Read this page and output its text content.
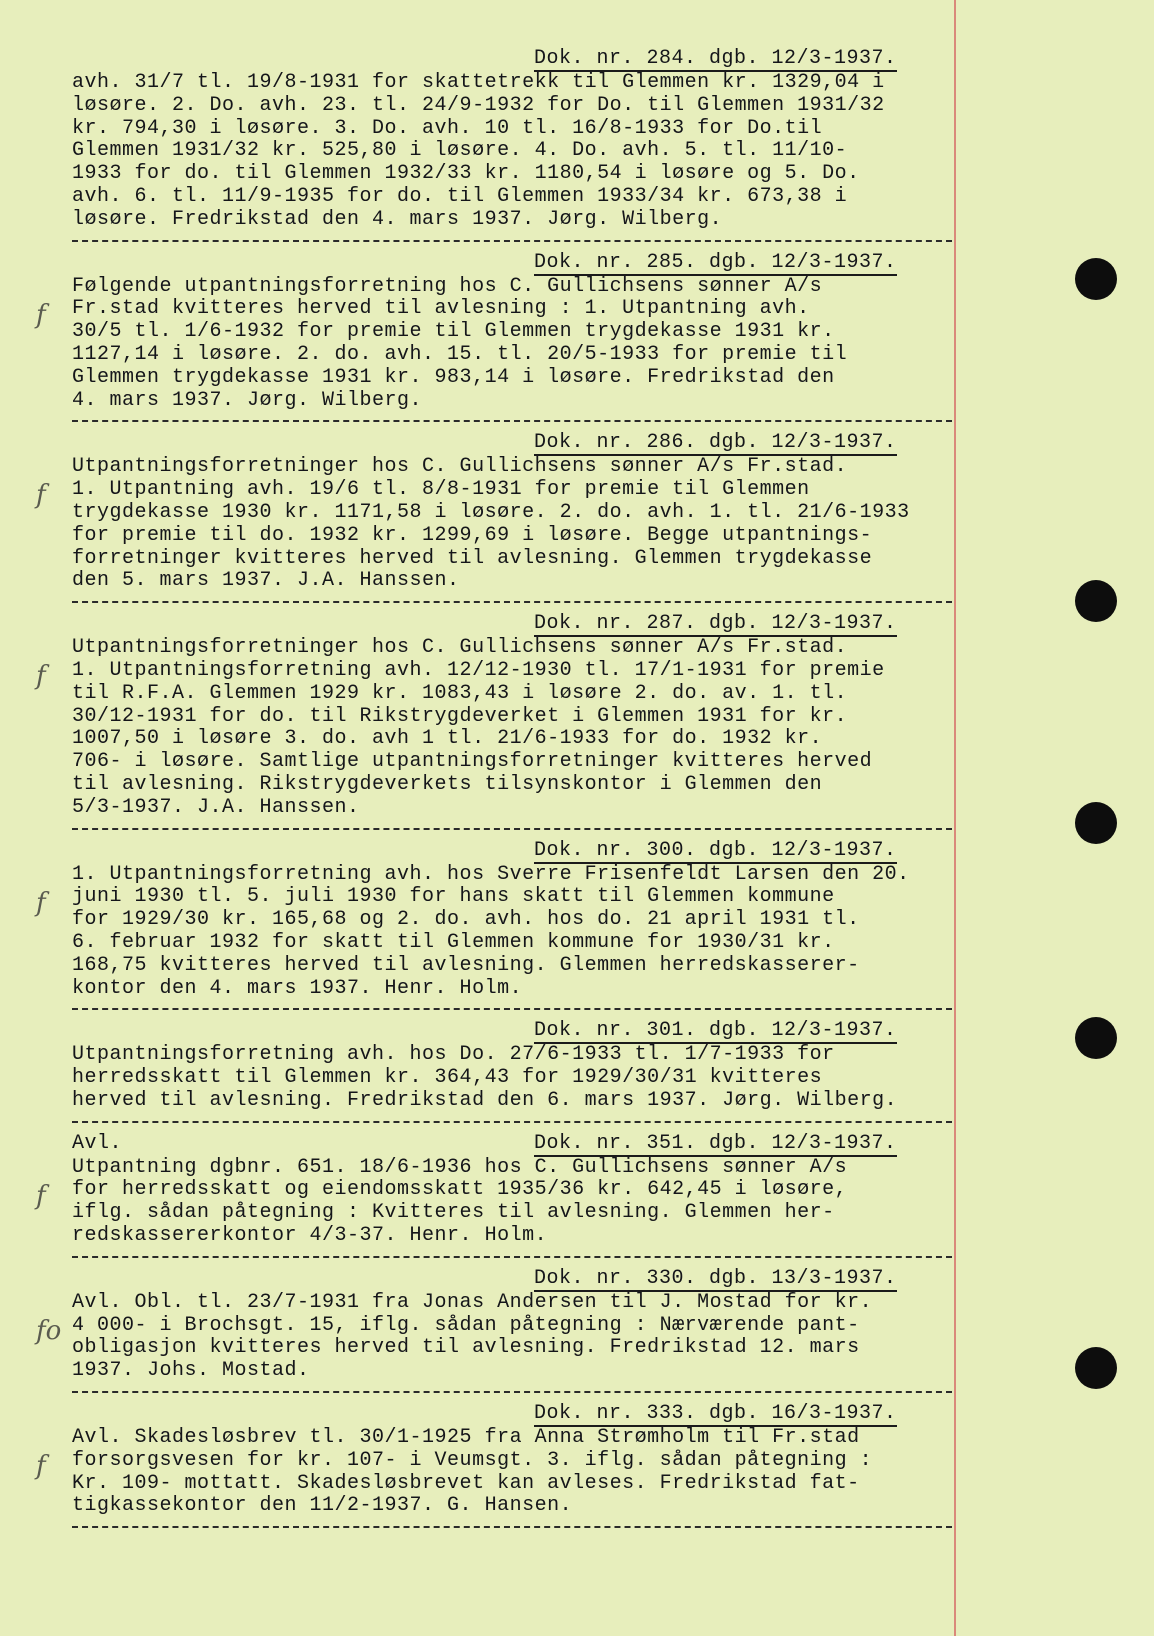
Dok. nr. 284. dgb. 12/3-1937.
avh. 31/7 tl. 19/8-1931 for skattetrekk til Glemmen kr. 1329,04 i
løsøre. 2. Do. avh. 23. tl. 24/9-1932 for Do. til Glemmen 1931/32
kr. 794,30 i løsøre. 3. Do. avh. 10 tl. 16/8-1933 for Do.til
Glemmen 1931/32 kr. 525,80 i løsøre. 4. Do. avh. 5. tl. 11/10-
1933 for do. til Glemmen 1932/33 kr. 1180,54 i løsøre og 5. Do.
avh. 6. tl. 11/9-1935 for do. til Glemmen 1933/34 kr. 673,38 i
løsøre. Fredrikstad den 4. mars 1937. Jørg. Wilberg.
Dok. nr. 285. dgb. 12/3-1937.
Følgende utpantningsforretning hos C. Gullichsens sønner A/s
Fr.stad kvitteres herved til avlesning : 1. Utpantning avh.
30/5 tl. 1/6-1932 for premie til Glemmen trygdekasse 1931 kr.
1127,14 i løsøre. 2. do. avh. 15. tl. 20/5-1933 for premie til
Glemmen trygdekasse 1931 kr. 983,14 i løsøre. Fredrikstad den
4. mars 1937. Jørg. Wilberg.
f
Dok. nr. 286. dgb. 12/3-1937.
Utpantningsforretninger hos C. Gullichsens sønner A/s Fr.stad.
1. Utpantning avh. 19/6 tl. 8/8-1931 for premie til Glemmen
trygdekasse 1930 kr. 1171,58 i løsøre. 2. do. avh. 1. tl. 21/6-1933
for premie til do. 1932 kr. 1299,69 i løsøre. Begge utpantnings-
forretninger kvitteres herved til avlesning. Glemmen trygdekasse
den 5. mars 1937. J.A. Hanssen.
f
Dok. nr. 287. dgb. 12/3-1937.
Utpantningsforretninger hos C. Gullichsens sønner A/s Fr.stad.
1. Utpantningsforretning avh. 12/12-1930 tl. 17/1-1931 for premie
til R.F.A. Glemmen 1929 kr. 1083,43 i løsøre 2. do. av. 1. tl.
30/12-1931 for do. til Rikstrygdeverket i Glemmen 1931 for kr.
1007,50 i løsøre 3. do. avh 1 tl. 21/6-1933 for do. 1932 kr.
706- i løsøre. Samtlige utpantningsforretninger kvitteres herved
til avlesning. Rikstrygdeverkets tilsynskontor i Glemmen den
5/3-1937. J.A. Hanssen.
f
Dok. nr. 300. dgb. 12/3-1937.
1. Utpantningsforretning avh. hos Sverre Frisenfeldt Larsen den 20.
juni 1930 tl. 5. juli 1930 for hans skatt til Glemmen kommune
for 1929/30 kr. 165,68 og 2. do. avh. hos do. 21 april 1931 tl.
6. februar 1932 for skatt til Glemmen kommune for 1930/31 kr.
168,75 kvitteres herved til avlesning. Glemmen herredskasserer-
kontor den 4. mars 1937. Henr. Holm.
f
Dok. nr. 301. dgb. 12/3-1937.
Utpantningsforretning avh. hos Do. 27/6-1933 tl. 1/7-1933 for
herredsskatt til Glemmen kr. 364,43 for 1929/30/31 kvitteres
herved til avlesning. Fredrikstad den 6. mars 1937. Jørg. Wilberg.
Avl.	Dok. nr. 351. dgb. 12/3-1937.
Utpantning dgbnr. 651. 18/6-1936 hos C. Gullichsens sønner A/s
for herredsskatt og eiendomsskatt 1935/36 kr. 642,45 i løsøre,
iflg. sådan påtegning : Kvitteres til avlesning. Glemmen her-
redskassererkontor 4/3-37. Henr. Holm.
f
Dok. nr. 330. dgb. 13/3-1937.
Avl. Obl. tl. 23/7-1931 fra Jonas Andersen til J. Mostad for kr.
4 000- i Brochsgt. 15, iflg. sådan påtegning : Nærværende pant-
obligasjon kvitteres herved til avlesning. Fredrikstad 12. mars
1937. Johs. Mostad.
fo
Dok. nr. 333. dgb. 16/3-1937.
Avl. Skadesløsbrev tl. 30/1-1925 fra Anna Strømholm til Fr.stad
forsorgsvesen for kr. 107- i Veumsgt. 3. iflg. sådan påtegning :
Kr. 109- mottatt. Skadesløsbrevet kan avleses. Fredrikstad fat-
tigkassekontor den 11/2-1937. G. Hansen.
f
